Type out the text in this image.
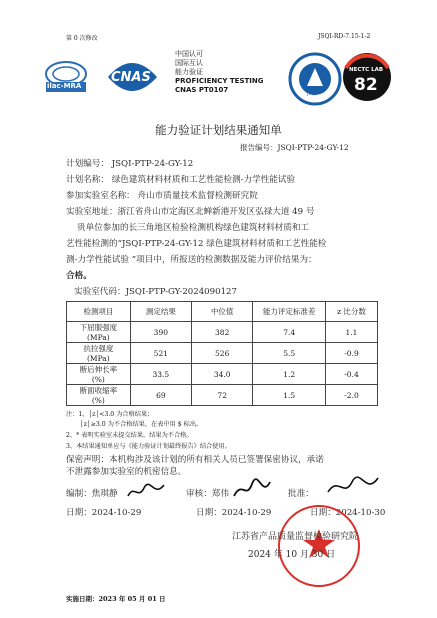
第 0 次修改	JSQI-RD-7.15-1-2
ilac-MRA
CNAS
中国认可
国际互认
能力验证
PROFICIENCY TESTING
CNAS PT0107
JSQI
NECTC LAB
82
能力验证计划结果通知单
报告编号：JSQI-PTP-24-GY-12
计划编号： JSQI-PTP-24-GY-12
计划名称： 绿色建筑材料材质和工艺性能检测-力学性能试验
参加实验室名称： 舟山市质量技术监督检测研究院
实验室地址：浙江省舟山市定海区北蝉新港开发区弘禄大道 49 号
贵单位参加的长三角地区检验检测机构绿色建筑材料材质和工
艺性能检测的“JSQI-PTP-24-GY-12 绿色建筑材料材质和工艺性能检
测-力学性能试验 ”项目中，所报送的检测数据及能力评价结果为：
合格。
实验室代码：JSQI-PTP-GY-2024090127
检测项目	测定结果	中位值	能力评定标准差	z 比分数

下屈服强度
(MPa)	390	382	7.4	1.1

抗拉强度
(MPa)	521	526	5.5	-0.9

断后伸长率
(%)	33.5	34.0	1.2	-0.4

断面收缩率
(%)	69	72	1.5	-2.0
注：1、│z│<3.0 为合格结果；
│z│≥3.0 为不合格结果，在表中用 $ 标出。
2、* 表明实验室未提交结果，结果为不合格。
3、本结果通知单应与《能力验证计划最终报告》结合使用。
保密声明：本机构涉及该计划的所有相关人员已签署保密协议，承诺
不泄露参加实验室的机密信息。
编制：焦琪静	审核：郑伟	批准：
日期：2024-10-29	日期：2024-10-29	日期：2024-10-30
江苏省产品质量监督检验研究院
2024 年 10 月 30 日
实施日期：2023 年 05 月 01 日
